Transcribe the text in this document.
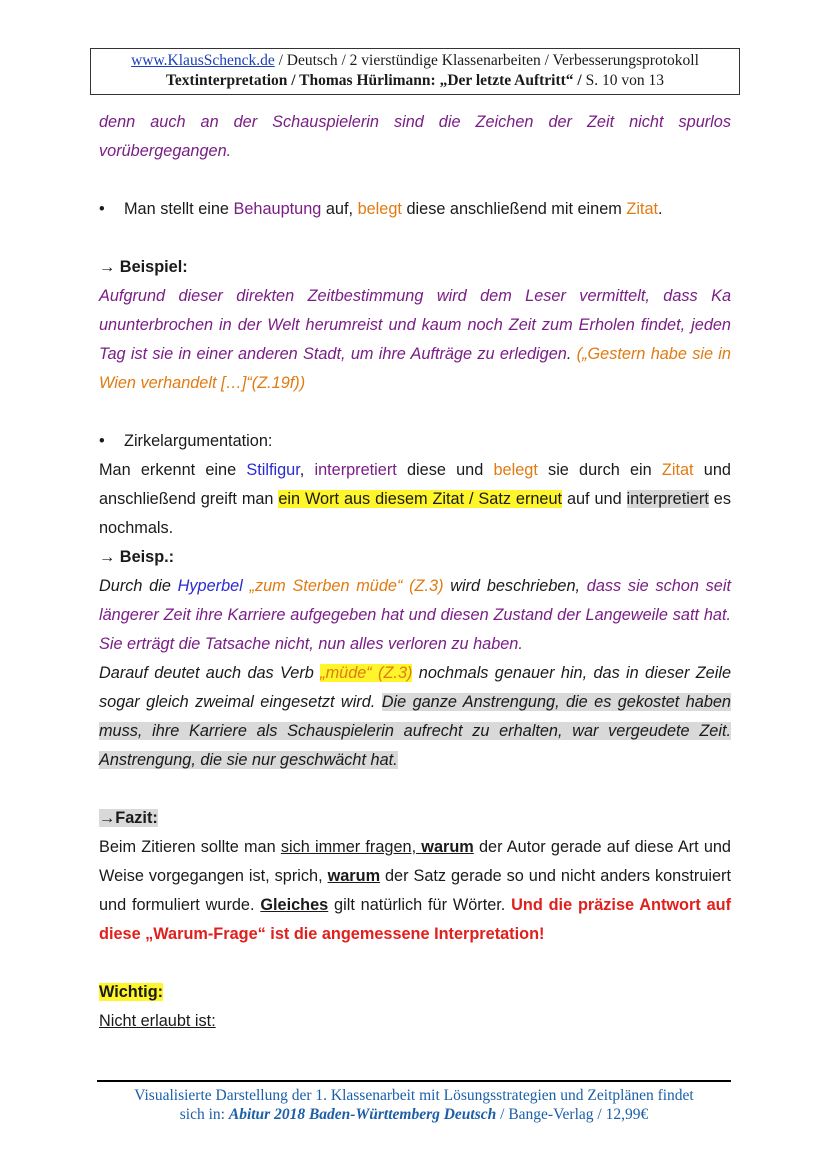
www.KlausSchenck.de / Deutsch / 2 vierstündige Klassenarbeiten / Verbesserungsprotokoll
Textinterpretation / Thomas Hürlimann: „Der letzte Auftritt“ / S. 10 von 13

denn auch an der Schauspielerin sind die Zeichen der Zeit nicht spurlos vorübergegangen.

• Man stellt eine Behauptung auf, belegt diese anschließend mit einem Zitat.

→ Beispiel:

Aufgrund dieser direkten Zeitbestimmung wird dem Leser vermittelt, dass Ka ununterbrochen in der Welt herumreist und kaum noch Zeit zum Erholen findet, jeden Tag ist sie in einer anderen Stadt, um ihre Aufträge zu erledigen. („Gestern habe sie in Wien verhandelt […]“(Z.19f))

• Zirkelargumentation:

Man erkennt eine Stilfigur, interpretiert diese und belegt sie durch ein Zitat und anschließend greift man ein Wort aus diesem Zitat / Satz erneut auf und interpretiert es nochmals.

→ Beisp.:

Durch die Hyperbel „zum Sterben müde“ (Z.3) wird beschrieben, dass sie schon seit längerer Zeit ihre Karriere aufgegeben hat und diesen Zustand der Langeweile satt hat. Sie erträgt die Tatsache nicht, nun alles verloren zu haben.

Darauf deutet auch das Verb „müde“ (Z.3) nochmals genauer hin, das in dieser Zeile sogar gleich zweimal eingesetzt wird. Die ganze Anstrengung, die es gekostet haben muss, ihre Karriere als Schauspielerin aufrecht zu erhalten, war vergeudete Zeit. Anstrengung, die sie nur geschwächt hat.

→Fazit:

Beim Zitieren sollte man sich immer fragen, warum der Autor gerade auf diese Art und Weise vorgegangen ist, sprich, warum der Satz gerade so und nicht anders konstruiert und formuliert wurde. Gleiches gilt natürlich für Wörter. Und die präzise Antwort auf diese „Warum-Frage“ ist die angemessene Interpretation!

Wichtig:

Nicht erlaubt ist:

Visualisierte Darstellung der 1. Klassenarbeit mit Lösungsstrategien und Zeitplänen findet
sich in: Abitur 2018 Baden-Württemberg Deutsch / Bange-Verlag / 12,99€
